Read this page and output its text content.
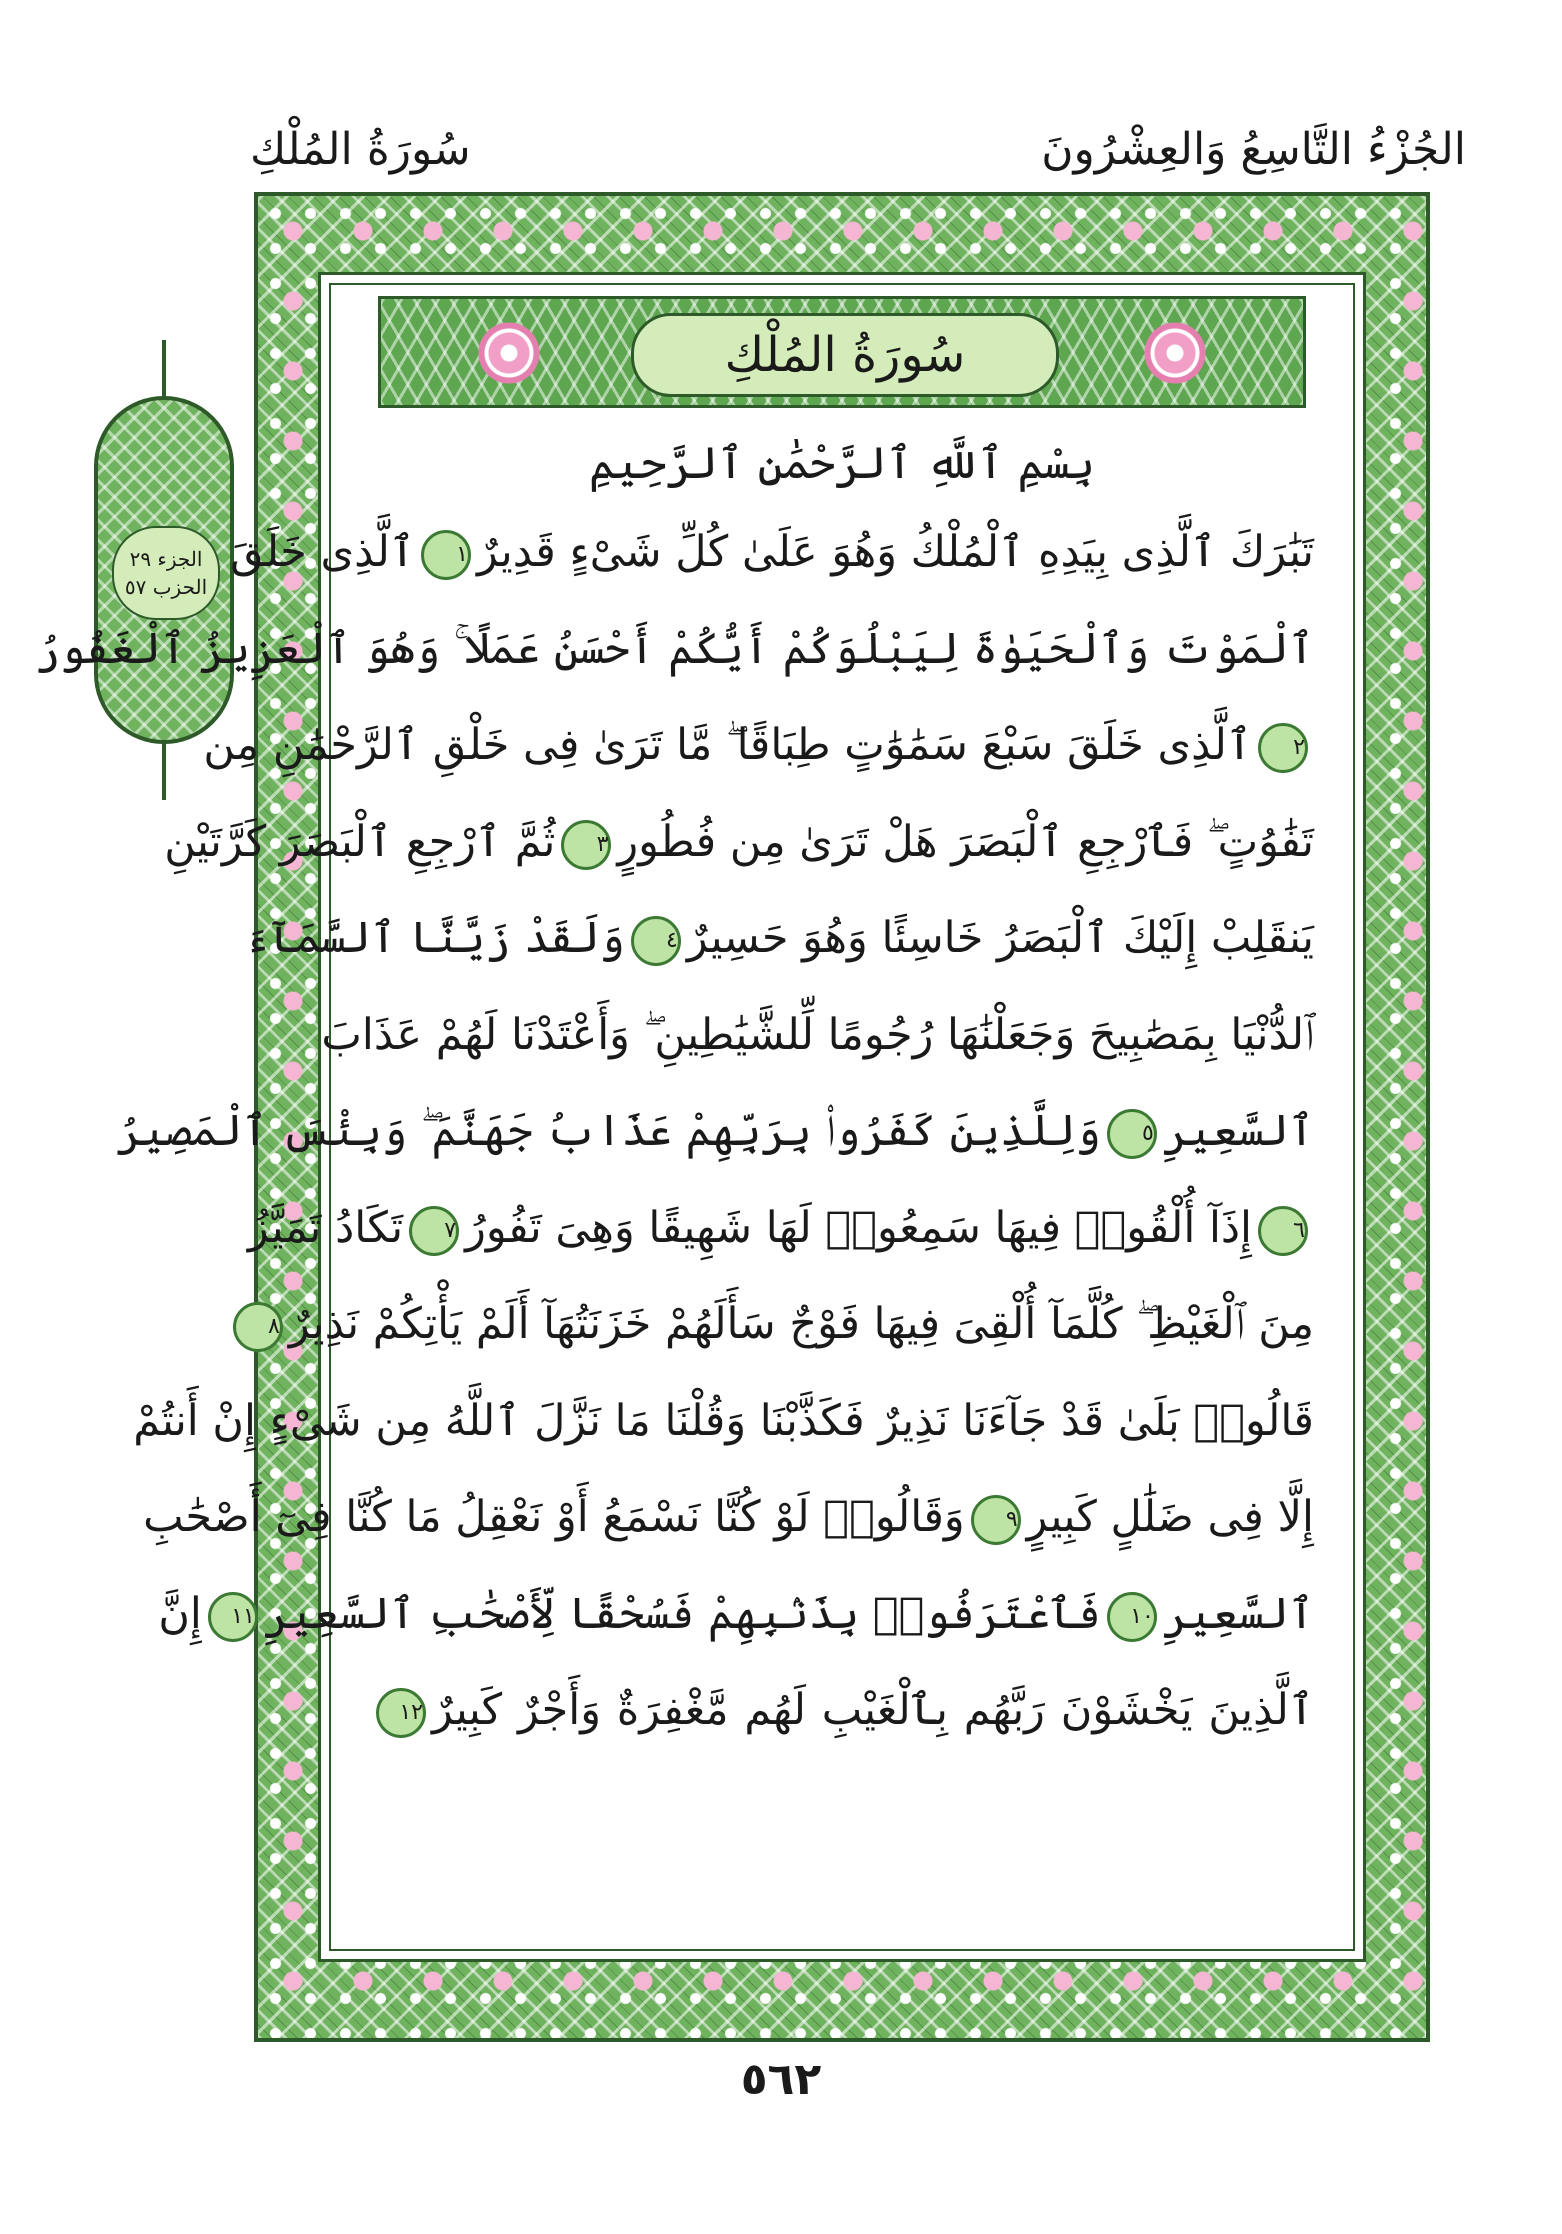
الجُزْءُ التَّاسِعُ وَالعِشْرُونَ
سُورَةُ المُلْكِ
الجزء ٢٩
الحزب ٥٧
سُورَةُ المُلْكِ
بِسْمِ ٱللَّهِ ٱلرَّحْمَٰنِ ٱلرَّحِيمِ
تَبَٰرَكَ ٱلَّذِى بِيَدِهِ ٱلْمُلْكُ وَهُوَ عَلَىٰ كُلِّ شَىْءٍ قَدِيرٌ١ٱلَّذِى خَلَقَ
ٱلْمَوْتَ وَٱلْحَيَوٰةَ لِيَبْلُوَكُمْ أَيُّكُمْ أَحْسَنُ عَمَلًا ۚ وَهُوَ ٱلْعَزِيزُ ٱلْغَفُورُ
٢ٱلَّذِى خَلَقَ سَبْعَ سَمَٰوَٰتٍ طِبَاقًا ۖ مَّا تَرَىٰ فِى خَلْقِ ٱلرَّحْمَٰنِ مِن
تَفَٰوُتٍ ۖ فَٱرْجِعِ ٱلْبَصَرَ هَلْ تَرَىٰ مِن فُطُورٍ٣ثُمَّ ٱرْجِعِ ٱلْبَصَرَ كَرَّتَيْنِ
يَنقَلِبْ إِلَيْكَ ٱلْبَصَرُ خَاسِئًا وَهُوَ حَسِيرٌ٤وَلَقَدْ زَيَّنَّا ٱلسَّمَآءَ
ٱلدُّنْيَا بِمَصَٰبِيحَ وَجَعَلْنَٰهَا رُجُومًا لِّلشَّيَٰطِينِ ۖ وَأَعْتَدْنَا لَهُمْ عَذَابَ
ٱلسَّعِيرِ٥وَلِلَّذِينَ كَفَرُوا۟ بِرَبِّهِمْ عَذَابُ جَهَنَّمَ ۖ وَبِئْسَ ٱلْمَصِيرُ
٦إِذَآ أُلْقُوا۟ فِيهَا سَمِعُوا۟ لَهَا شَهِيقًا وَهِىَ تَفُورُ٧تَكَادُ تَمَيَّزُ
مِنَ ٱلْغَيْظِ ۖ كُلَّمَآ أُلْقِىَ فِيهَا فَوْجٌ سَأَلَهُمْ خَزَنَتُهَآ أَلَمْ يَأْتِكُمْ نَذِيرٌ٨
قَالُوا۟ بَلَىٰ قَدْ جَآءَنَا نَذِيرٌ فَكَذَّبْنَا وَقُلْنَا مَا نَزَّلَ ٱللَّهُ مِن شَىْءٍ إِنْ أَنتُمْ
إِلَّا فِى ضَلَٰلٍ كَبِيرٍ٩وَقَالُوا۟ لَوْ كُنَّا نَسْمَعُ أَوْ نَعْقِلُ مَا كُنَّا فِىٓ أَصْحَٰبِ
ٱلسَّعِيرِ١٠فَٱعْتَرَفُوا۟ بِذَنۢبِهِمْ فَسُحْقًا لِّأَصْحَٰبِ ٱلسَّعِيرِ١١إِنَّ
ٱلَّذِينَ يَخْشَوْنَ رَبَّهُم بِٱلْغَيْبِ لَهُم مَّغْفِرَةٌ وَأَجْرٌ كَبِيرٌ١٢
٥٦٢
